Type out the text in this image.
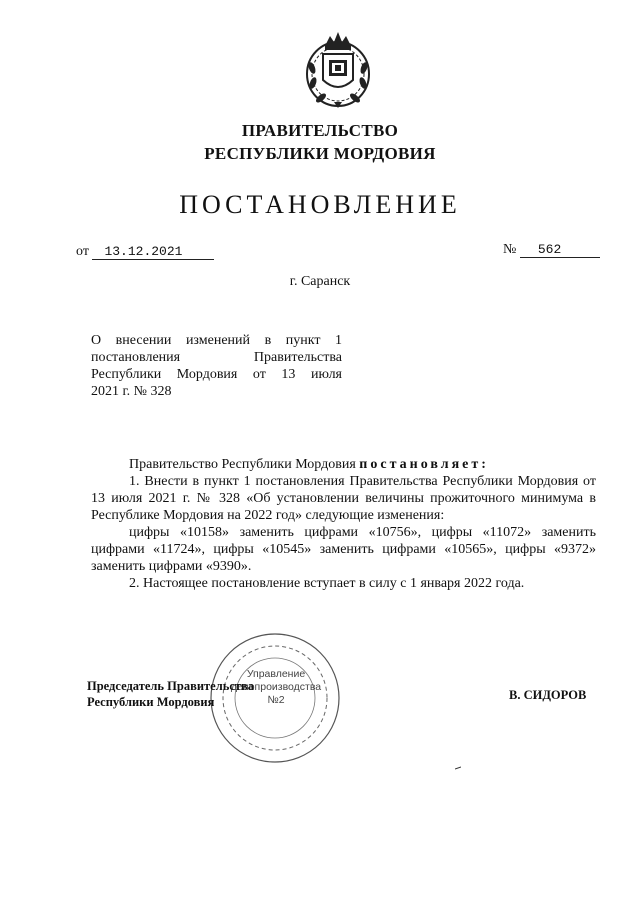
ПРАВИТЕЛЬСТВО
РЕСПУБЛИКИ МОРДОВИЯ
ПОСТАНОВЛЕНИЕ
от 13.12.2021	№ 562
г. Саранск
О внесении изменений в пункт 1
постановления Правительства
Республики Мордовия от 13 июля
2021 г. № 328

Правительство Республики Мордовия постановляет:

1. Внести в пункт 1 постановления Правительства Республики Мордовия от 13 июля 2021 г. № 328 «Об установлении величины прожиточного минимума в Республике Мордовия на 2022 год» следующие изменения:

цифры «10158» заменить цифрами «10756», цифры «11072» заменить цифрами «11724», цифры «10545» заменить цифрами «10565», цифры «9372» заменить цифрами «9390».

2. Настоящее постановление вступает в силу с 1 января 2022 года.

Управление
делопроизводства
№2
Председатель Правительства
Республики Мордовия	В. СИДОРОВ
